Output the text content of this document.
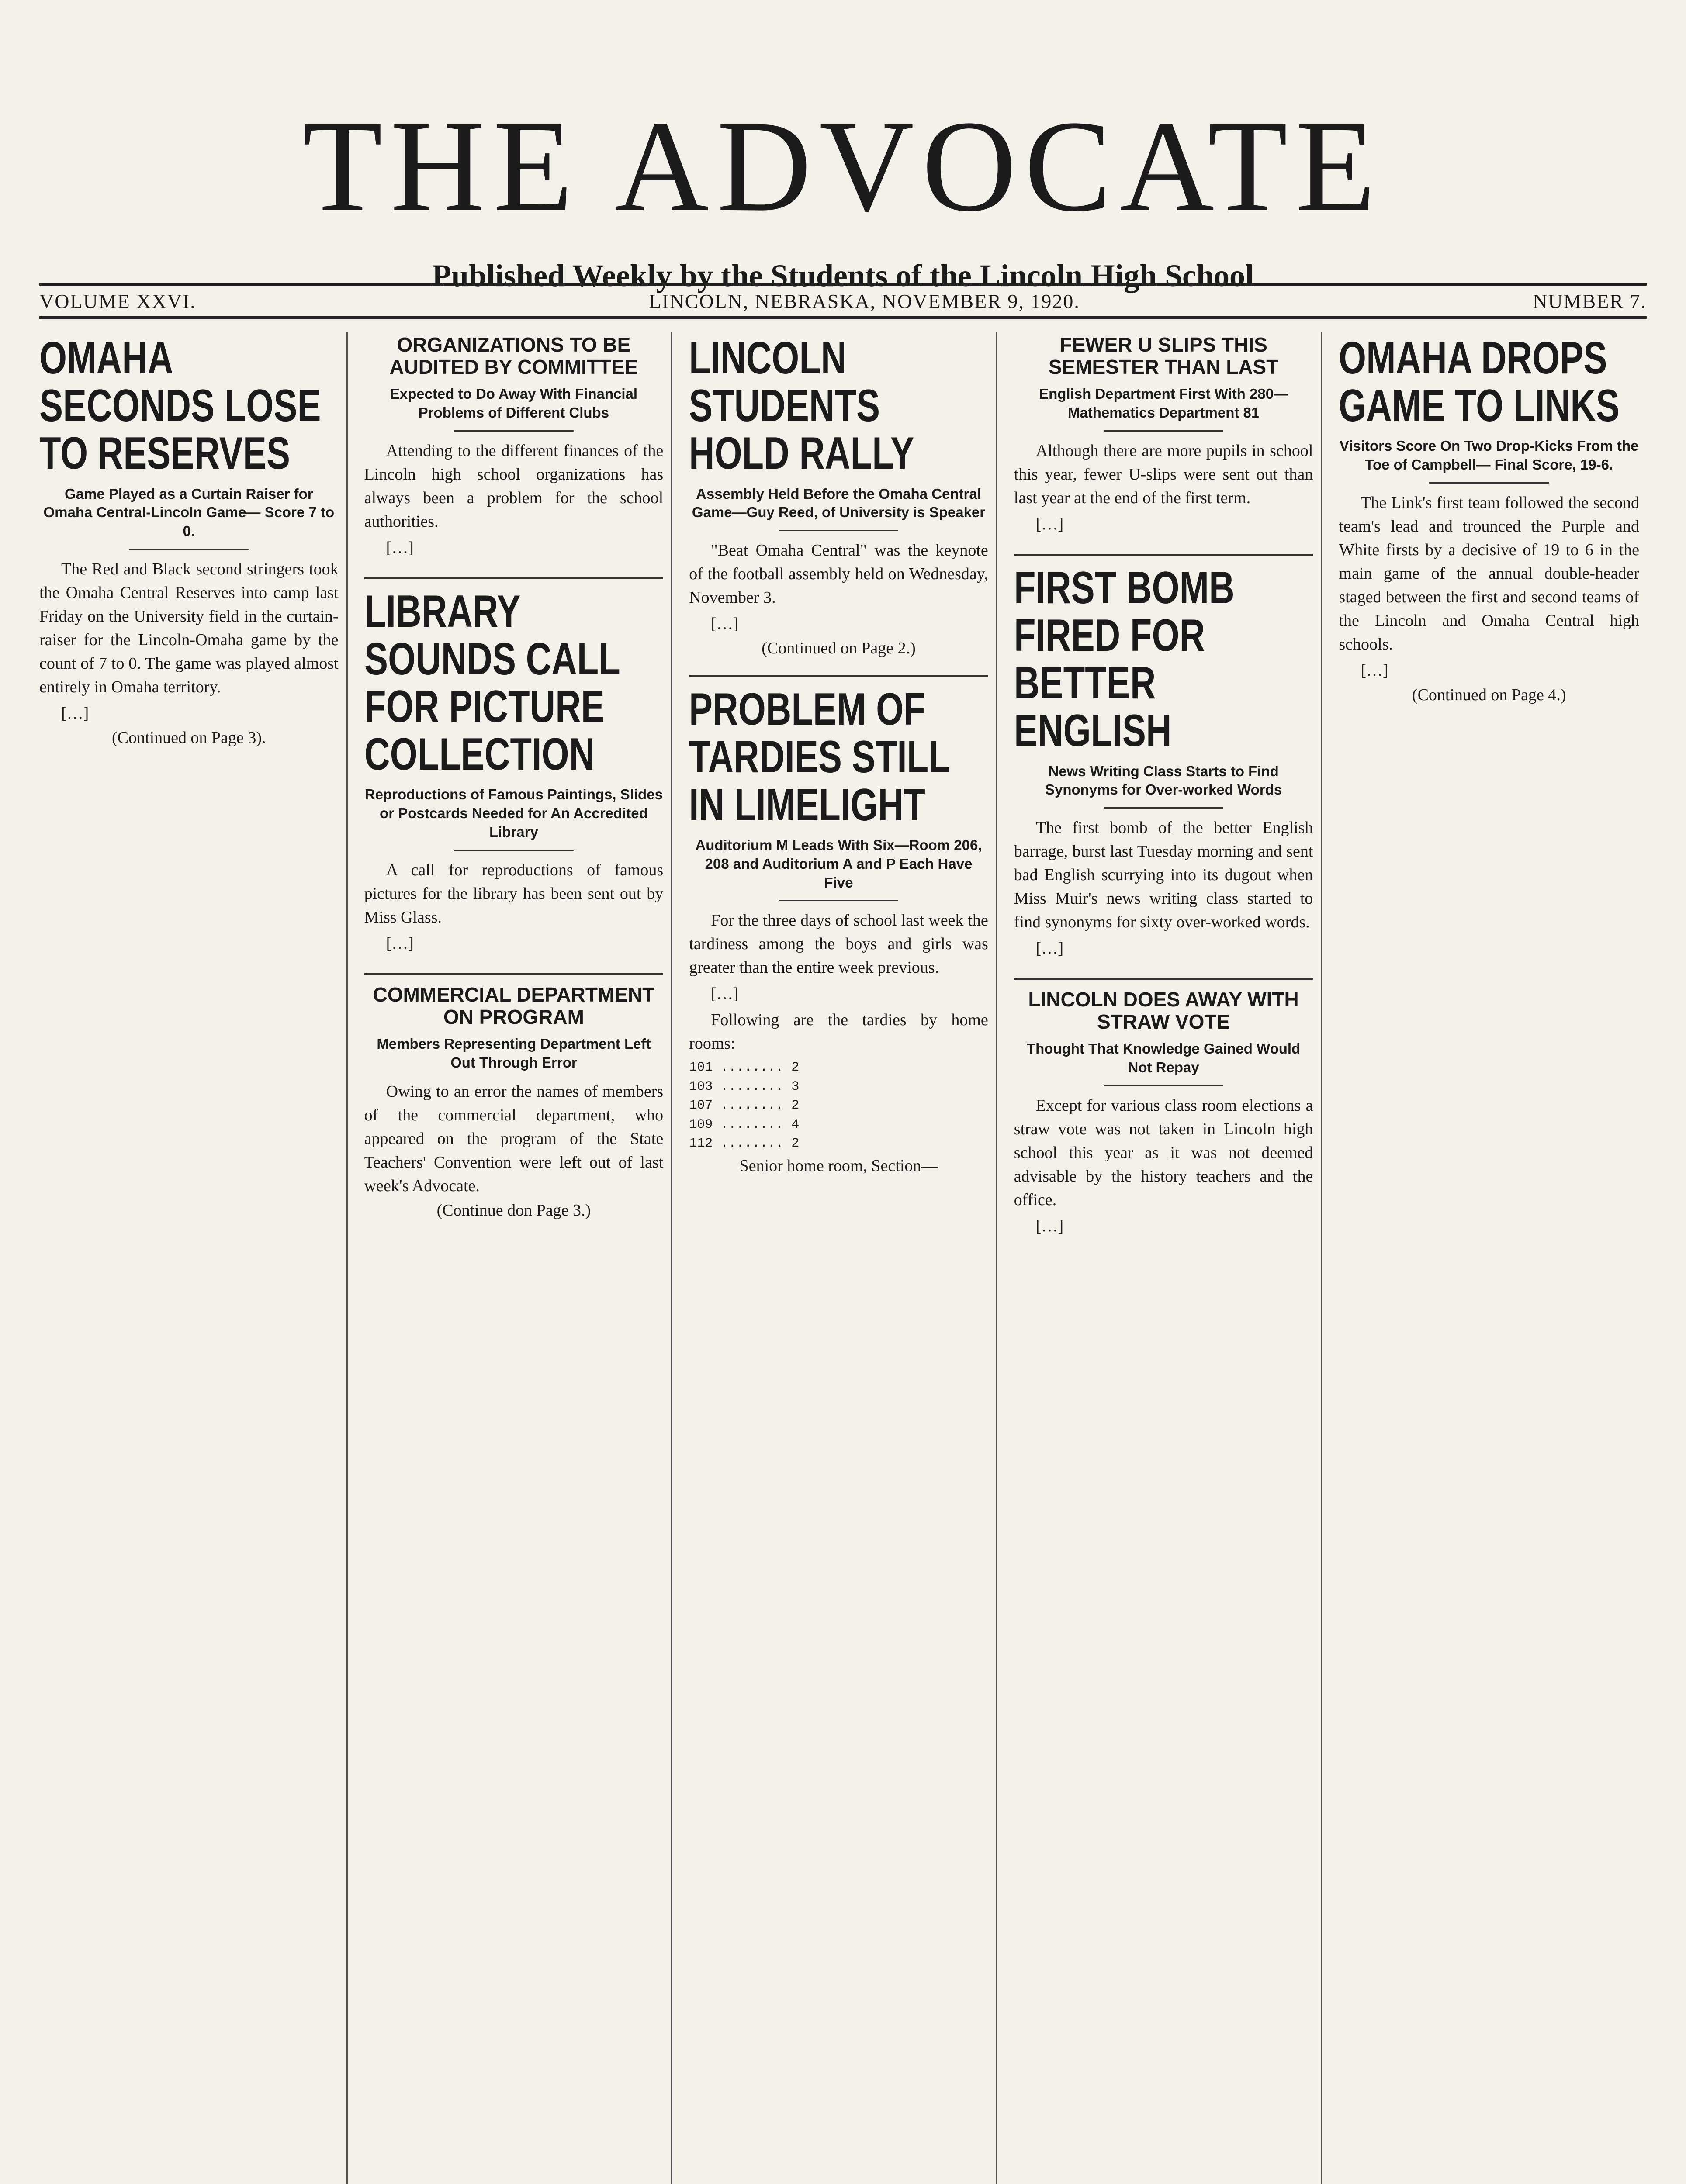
THE ADVOCATE
Published Weekly by the Students of the Lincoln High School
VOLUME XXVI.	LINCOLN, NEBRASKA, NOVEMBER 9, 1920.	NUMBER 7.
OMAHA SECONDS LOSE TO RESERVES
Game Played as a Curtain Raiser for Omaha Central-Lincoln Game— Score 7 to 0.

The Red and Black second stringers took the Omaha Central Reserves into camp last Friday on the University field in the curtain-raiser for the Lincoln-Omaha game by the count of 7 to 0. The game was played almost entirely in Omaha territory.

[…]

(Continued on Page 3).
ORGANIZATIONS TO BE AUDITED BY COMMITTEE
Expected to Do Away With Financial Problems of Different Clubs

Attending to the different finances of the Lincoln high school organizations has always been a problem for the school authorities.

[…]

LIBRARY SOUNDS CALL FOR PICTURE COLLECTION
Reproductions of Famous Paintings, Slides or Postcards Needed for An Accredited Library

A call for reproductions of famous pictures for the library has been sent out by Miss Glass.

[…]

COMMERCIAL DEPARTMENT ON PROGRAM
Members Representing Department Left Out Through Error

Owing to an error the names of members of the commercial department, who appeared on the program of the State Teachers' Convention were left out of last week's Advocate.

(Continue don Page 3.)
LINCOLN STUDENTS HOLD RALLY
Assembly Held Before the Omaha Central Game—Guy Reed, of University is Speaker

"Beat Omaha Central" was the keynote of the football assembly held on Wednesday, November 3.

[…]

(Continued on Page 2.)
PROBLEM OF TARDIES STILL IN LIMELIGHT
Auditorium M Leads With Six—Room 206, 208 and Auditorium A and P Each Have Five

For the three days of school last week the tardiness among the boys and girls was greater than the entire week previous.

[…]

Following are the tardies by home rooms:

101 ........ 2
103 ........ 3
107 ........ 2
109 ........ 4
112 ........ 2
Senior home room, Section—
FEWER U SLIPS THIS SEMESTER THAN LAST
English Department First With 280— Mathematics Department 81

Although there are more pupils in school this year, fewer U-slips were sent out than last year at the end of the first term.

[…]

FIRST BOMB FIRED FOR BETTER ENGLISH
News Writing Class Starts to Find Synonyms for Over-worked Words

The first bomb of the better English barrage, burst last Tuesday morning and sent bad English scurrying into its dugout when Miss Muir's news writing class started to find synonyms for sixty over-worked words.

[…]

LINCOLN DOES AWAY WITH STRAW VOTE
Thought That Knowledge Gained Would Not Repay

Except for various class room elections a straw vote was not taken in Lincoln high school this year as it was not deemed advisable by the history teachers and the office.

[…]

OMAHA DROPS GAME TO LINKS
Visitors Score On Two Drop-Kicks From the Toe of Campbell— Final Score, 19-6.

The Link's first team followed the second team's lead and trounced the Purple and White firsts by a decisive of 19 to 6 in the main game of the annual double-header staged between the first and second teams of the Lincoln and Omaha Central high schools.

[…]

(Continued on Page 4.)
